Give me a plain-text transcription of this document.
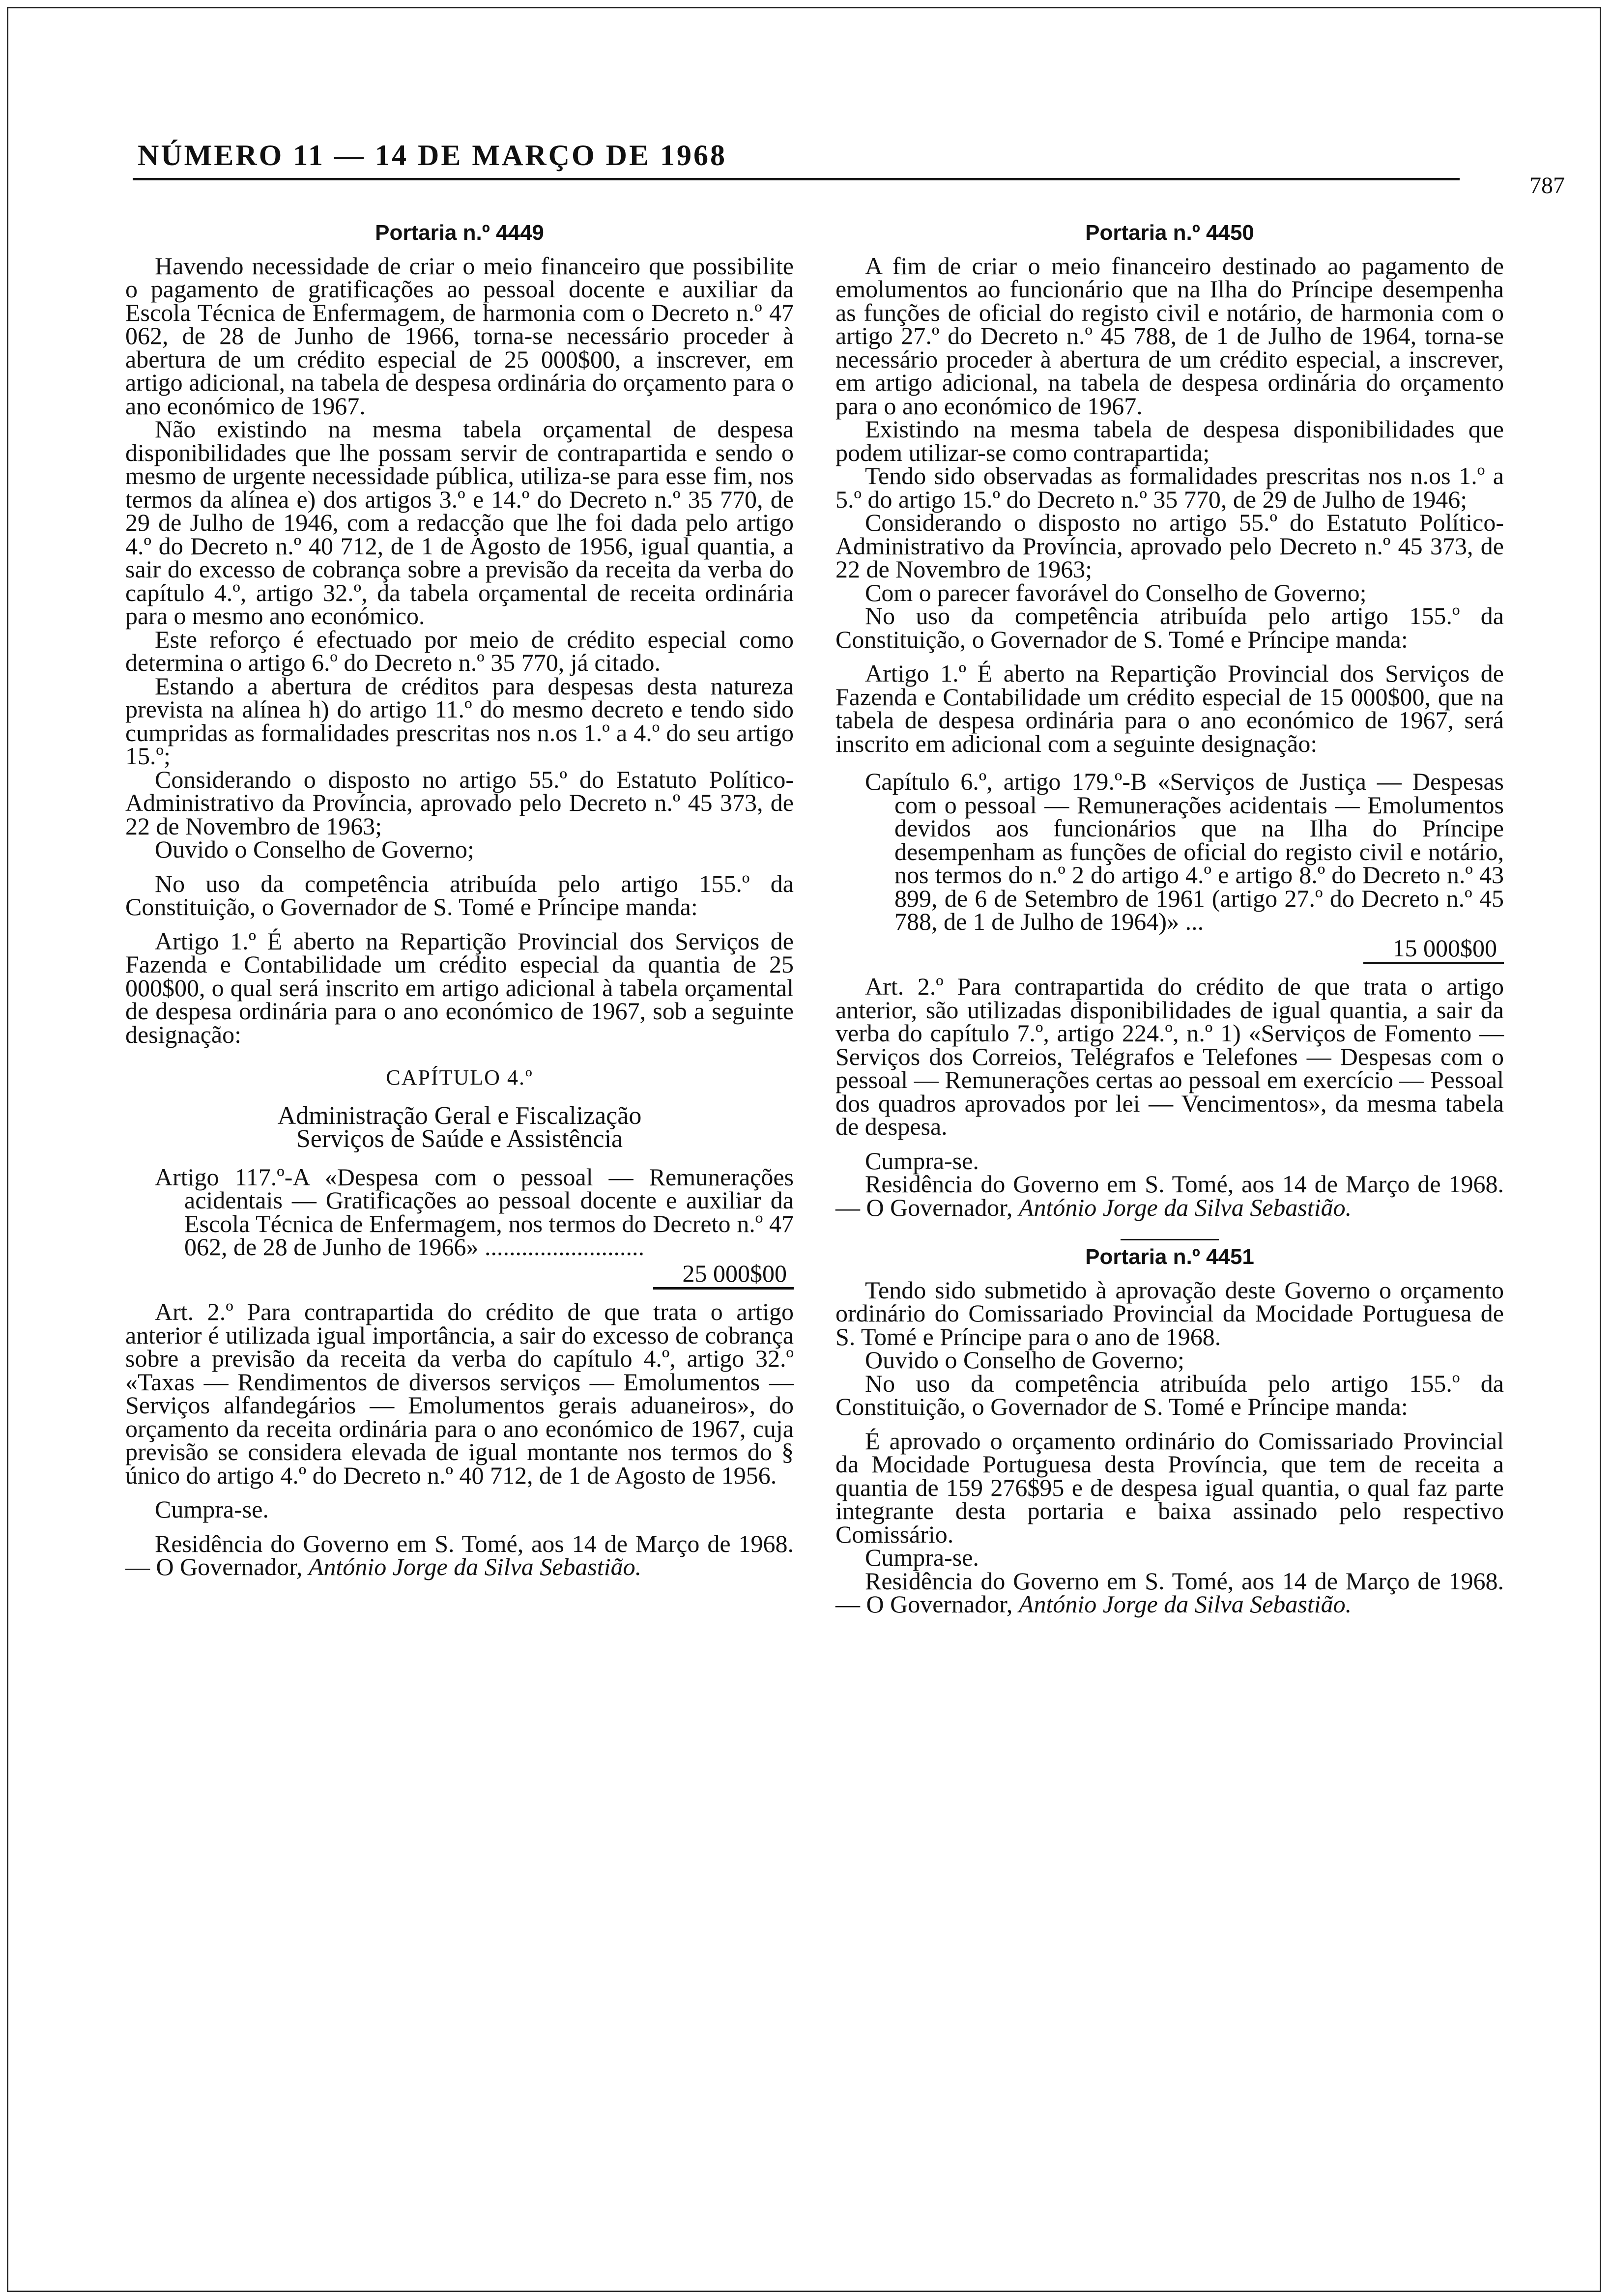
NÚMERO 11 — 14 DE MARÇO DE 1968
787
Portaria n.º 4449

Havendo necessidade de criar o meio financeiro que possibilite o pagamento de gratificações ao pessoal docente e auxiliar da Escola Técnica de Enfermagem, de harmonia com o Decreto n.º 47 062, de 28 de Junho de 1966, torna-se necessário proceder à abertura de um crédito especial de 25 000$00, a inscrever, em artigo adicional, na tabela de despesa ordinária do orçamento para o ano económico de 1967.

Não existindo na mesma tabela orçamental de despesa disponibilidades que lhe possam servir de contrapartida e sendo o mesmo de urgente necessidade pública, utiliza-se para esse fim, nos termos da alínea e) dos artigos 3.º e 14.º do Decreto n.º 35 770, de 29 de Julho de 1946, com a redacção que lhe foi dada pelo artigo 4.º do Decreto n.º 40 712, de 1 de Agosto de 1956, igual quantia, a sair do excesso de cobrança sobre a previsão da receita da verba do capítulo 4.º, artigo 32.º, da tabela orçamental de receita ordinária para o mesmo ano económico.

Este reforço é efectuado por meio de crédito especial como determina o artigo 6.º do Decreto n.º 35 770, já citado.

Estando a abertura de créditos para despesas desta natureza prevista na alínea h) do artigo 11.º do mesmo decreto e tendo sido cumpridas as formalidades prescritas nos n.os 1.º a 4.º do seu artigo 15.º;

Considerando o disposto no artigo 55.º do Estatuto Político-Administrativo da Província, aprovado pelo Decreto n.º 45 373, de 22 de Novembro de 1963;

Ouvido o Conselho de Governo;

No uso da competência atribuída pelo artigo 155.º da Constituição, o Governador de S. Tomé e Príncipe manda:

Artigo 1.º É aberto na Repartição Provincial dos Serviços de Fazenda e Contabilidade um crédito especial da quantia de 25 000$00, o qual será inscrito em artigo adicional à tabela orçamental de despesa ordinária para o ano económico de 1967, sob a seguinte designação:

CAPÍTULO 4.º
Administração Geral e Fiscalização
Serviços de Saúde e Assistência
Artigo 117.º-A «Despesa com o pessoal — Remunerações acidentais — Gratificações ao pessoal docente e auxiliar da Escola Técnica de Enfermagem, nos termos do Decreto n.º 47 062, de 28 de Junho de 1966» ..........................
25 000$00

Art. 2.º Para contrapartida do crédito de que trata o artigo anterior é utilizada igual importância, a sair do excesso de cobrança sobre a previsão da receita da verba do capítulo 4.º, artigo 32.º «Taxas — Rendimentos de diversos serviços — Emolumentos — Serviços alfandegários — Emolumentos gerais aduaneiros», do orçamento da receita ordinária para o ano económico de 1967, cuja previsão se considera elevada de igual montante nos termos do § único do artigo 4.º do Decreto n.º 40 712, de 1 de Agosto de 1956.

Cumpra-se.

Residência do Governo em S. Tomé, aos 14 de Março de 1968. — O Governador, António Jorge da Silva Sebastião.

Portaria n.º 4450

A fim de criar o meio financeiro destinado ao pagamento de emolumentos ao funcionário que na Ilha do Príncipe desempenha as funções de oficial do registo civil e notário, de harmonia com o artigo 27.º do Decreto n.º 45 788, de 1 de Julho de 1964, torna-se necessário proceder à abertura de um crédito especial, a inscrever, em artigo adicional, na tabela de despesa ordinária do orçamento para o ano económico de 1967.

Existindo na mesma tabela de despesa disponibilidades que podem utilizar-se como contrapartida;

Tendo sido observadas as formalidades prescritas nos n.os 1.º a 5.º do artigo 15.º do Decreto n.º 35 770, de 29 de Julho de 1946;

Considerando o disposto no artigo 55.º do Estatuto Político-Administrativo da Província, aprovado pelo Decreto n.º 45 373, de 22 de Novembro de 1963;

Com o parecer favorável do Conselho de Governo;

No uso da competência atribuída pelo artigo 155.º da Constituição, o Governador de S. Tomé e Príncipe manda:

Artigo 1.º É aberto na Repartição Provincial dos Serviços de Fazenda e Contabilidade um crédito especial de 15 000$00, que na tabela de despesa ordinária para o ano económico de 1967, será inscrito em adicional com a seguinte designação:

Capítulo 6.º, artigo 179.º-B «Serviços de Justiça — Despesas com o pessoal — Remunerações acidentais — Emolumentos devidos aos funcionários que na Ilha do Príncipe desempenham as funções de oficial do registo civil e notário, nos termos do n.º 2 do artigo 4.º e artigo 8.º do Decreto n.º 43 899, de 6 de Setembro de 1961 (artigo 27.º do Decreto n.º 45 788, de 1 de Julho de 1964)» ...
15 000$00

Art. 2.º Para contrapartida do crédito de que trata o artigo anterior, são utilizadas disponibilidades de igual quantia, a sair da verba do capítulo 7.º, artigo 224.º, n.º 1) «Serviços de Fomento — Serviços dos Correios, Telégrafos e Telefones — Despesas com o pessoal — Remunerações certas ao pessoal em exercício — Pessoal dos quadros aprovados por lei — Vencimentos», da mesma tabela de despesa.

Cumpra-se.

Residência do Governo em S. Tomé, aos 14 de Março de 1968. — O Governador, António Jorge da Silva Sebastião.

Portaria n.º 4451

Tendo sido submetido à aprovação deste Governo o orçamento ordinário do Comissariado Provincial da Mocidade Portuguesa de S. Tomé e Príncipe para o ano de 1968.

Ouvido o Conselho de Governo;

No uso da competência atribuída pelo artigo 155.º da Constituição, o Governador de S. Tomé e Príncipe manda:

É aprovado o orçamento ordinário do Comissariado Provincial da Mocidade Portuguesa desta Província, que tem de receita a quantia de 159 276$95 e de despesa igual quantia, o qual faz parte integrante desta portaria e baixa assinado pelo respectivo Comissário.

Cumpra-se.

Residência do Governo em S. Tomé, aos 14 de Março de 1968. — O Governador, António Jorge da Silva Sebastião.
